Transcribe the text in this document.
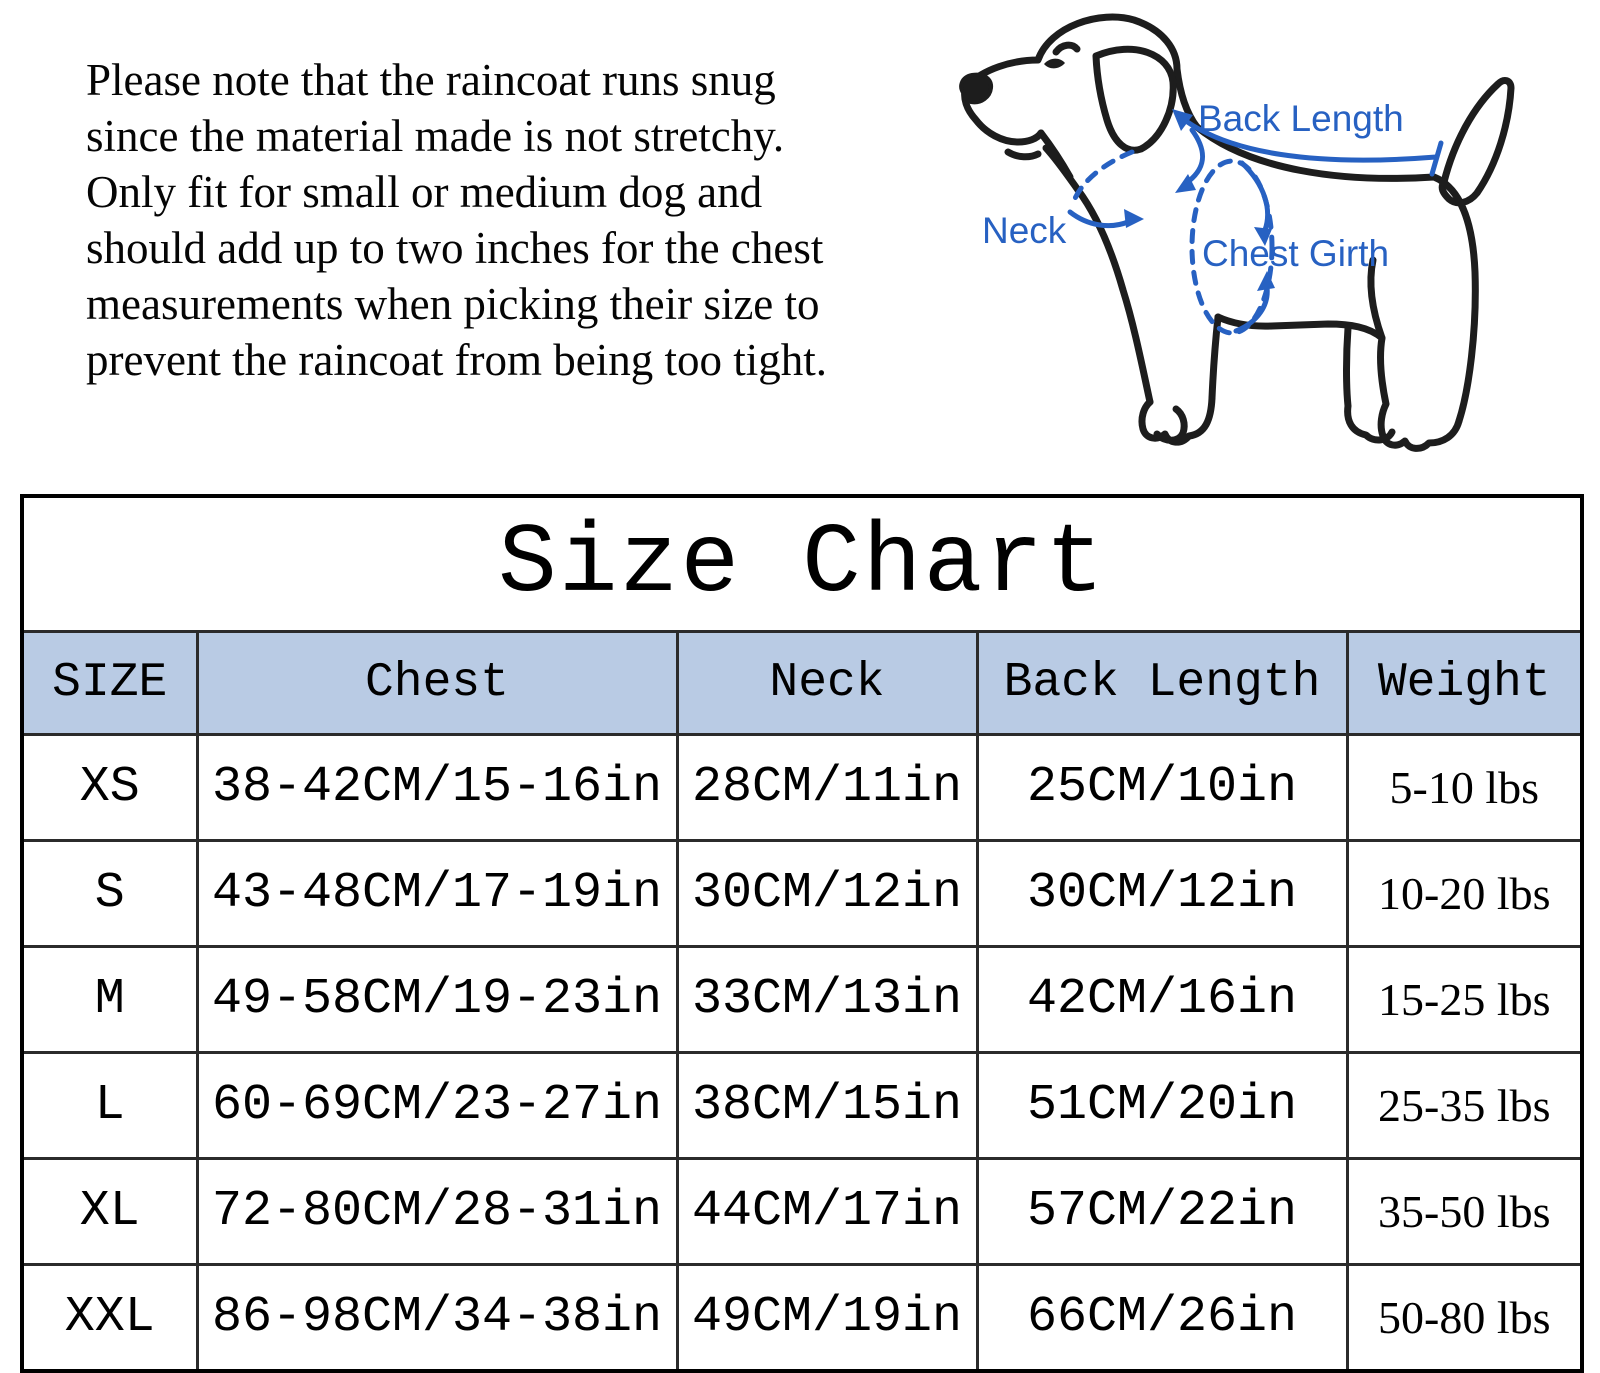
Please note that the raincoat runs snug
since the material made is not stretchy.
Only fit for small or medium dog and
should add up to two inches for the chest
measurements when picking their size to
prevent the raincoat from being too tight.
Back Length
Neck
Chest Girth
Size Chart				
SIZE	Chest	Neck	Back Length	Weight
XS	38-42CM/15-16in	28CM/11in	25CM/10in	5-10 lbs
S	43-48CM/17-19in	30CM/12in	30CM/12in	10-20 lbs
M	49-58CM/19-23in	33CM/13in	42CM/16in	15-25 lbs
L	60-69CM/23-27in	38CM/15in	51CM/20in	25-35 lbs
XL	72-80CM/28-31in	44CM/17in	57CM/22in	35-50 lbs
XXL	86-98CM/34-38in	49CM/19in	66CM/26in	50-80 lbs
